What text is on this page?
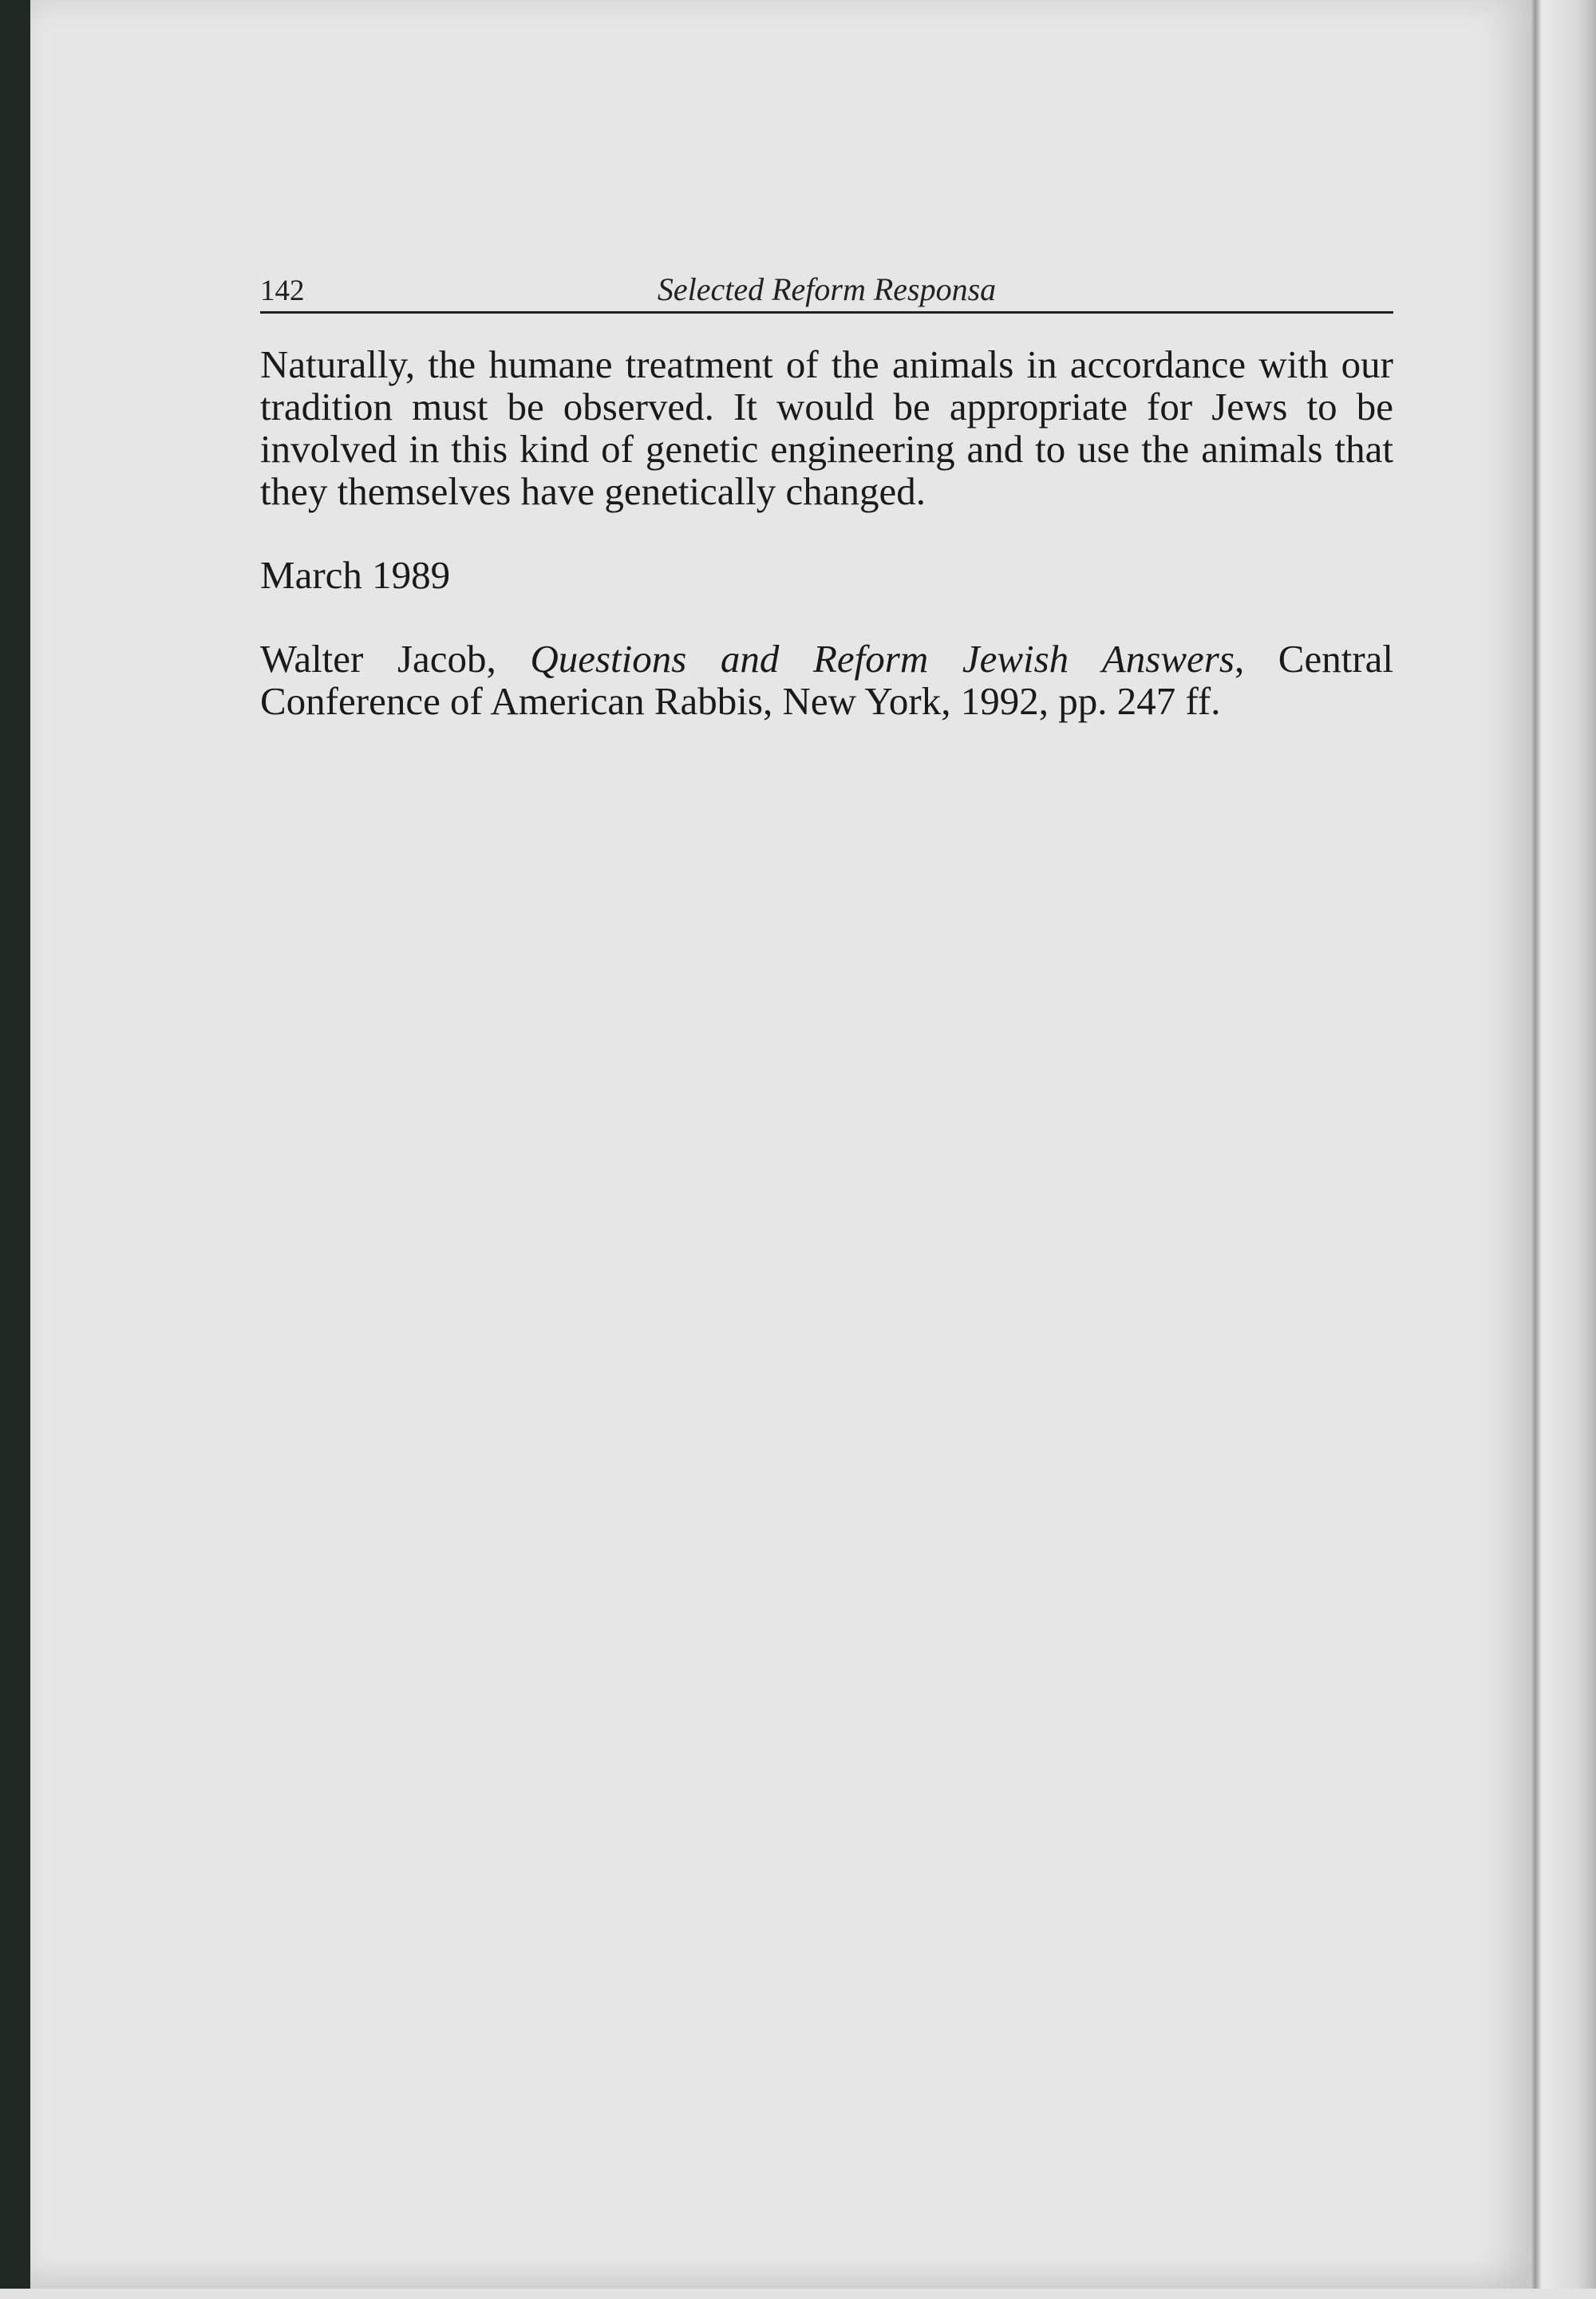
142	Selected Reform Responsa

Naturally, the humane treatment of the animals in accordance with our tradition must be observed. It would be appropriate for Jews to be involved in this kind of genetic engineering and to use the animals that they themselves have genetically changed.

March 1989

Walter Jacob, Questions and Reform Jewish Answers, Central Conference of American Rabbis, New York, 1992, pp. 247 ff.
